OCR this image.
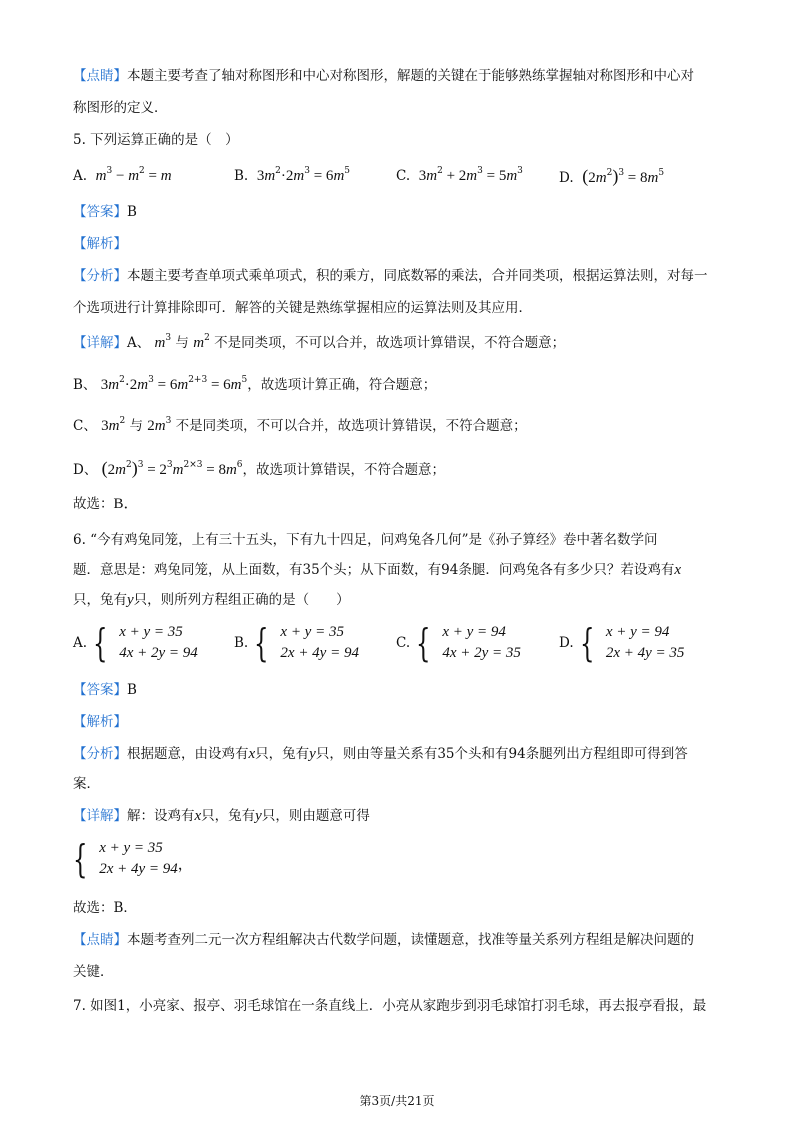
【点睛】本题主要考查了轴对称图形和中心对称图形，解题的关键在于能够熟练掌握轴对称图形和中心对
称图形的定义．
5. 下列运算正确的是（　）
A. $m^3 - m^2 = m$	B. $3m^2\cdot 2m^3 = 6m^5$	C. $3m^2 + 2m^3 = 5m^3$	D. $(2m^2)^3 = 8m^5$
【答案】B
【解析】
【分析】本题主要考查单项式乘单项式，积的乘方，同底数幂的乘法，合并同类项，根据运算法则，对每一
个选项进行计算排除即可．解答的关键是熟练掌握相应的运算法则及其应用．
【详解】A、 $m^3$ 与 $m^2$ 不是同类项，不可以合并，故选项计算错误，不符合题意；
B、 $3m^2\cdot 2m^3 = 6m^{2+3} = 6m^5$，故选项计算正确，符合题意；
C、 $3m^2$ 与 $2m^3$ 不是同类项，不可以合并，故选项计算错误，不符合题意；
D、 $(2m^2)^3 = 2^3m^{2\times 3} = 8m^6$，故选项计算错误，不符合题意；
故选：B．
6. “今有鸡兔同笼，上有三十五头，下有九十四足，问鸡兔各几何”是《孙子算经》卷中著名数学问
题．意思是：鸡兔同笼，从上面数，有35个头；从下面数，有94条腿．问鸡兔各有多少只？若设鸡有x
只，兔有y只，则所列方程组正确的是（　　）
A. { x + y = 35
4x + 2y = 94
B. { x + y = 35
2x + 4y = 94
C. { x + y = 94
4x + 2y = 35
D. { x + y = 94
2x + 4y = 35
【答案】B
【解析】
【分析】根据题意，由设鸡有x只，兔有y只，则由等量关系有35个头和有94条腿列出方程组即可得到答
案．
【详解】解：设鸡有x只，兔有y只，则由题意可得
{ x + y = 35
2x + 4y = 94 ，
故选：B．
【点睛】本题考查列二元一次方程组解决古代数学问题，读懂题意，找准等量关系列方程组是解决问题的
关键．
7. 如图1，小亮家、报亭、羽毛球馆在一条直线上．小亮从家跑步到羽毛球馆打羽毛球，再去报亭看报，最
第3页/共21页
